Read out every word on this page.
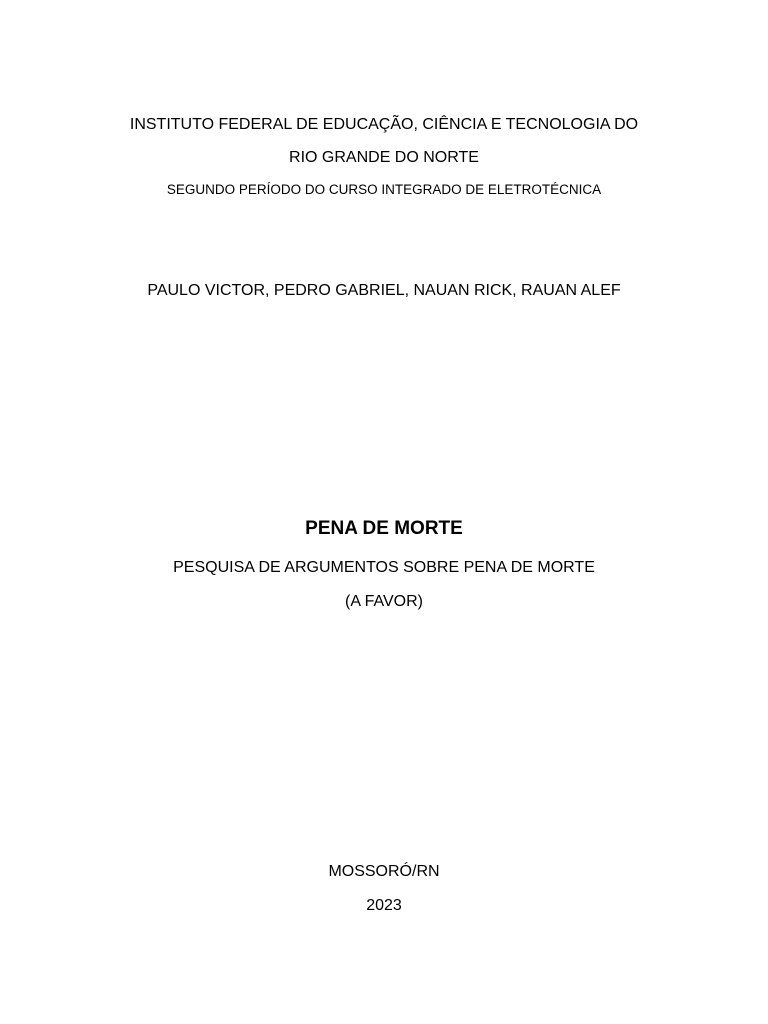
INSTITUTO FEDERAL DE EDUCAÇÃO, CIÊNCIA E TECNOLOGIA DO
RIO GRANDE DO NORTE
SEGUNDO PERÍODO DO CURSO INTEGRADO DE ELETROTÉCNICA
PAULO VICTOR, PEDRO GABRIEL, NAUAN RICK, RAUAN ALEF
PENA DE MORTE
PESQUISA DE ARGUMENTOS SOBRE PENA DE MORTE
(A FAVOR)
MOSSORÓ/RN
2023
